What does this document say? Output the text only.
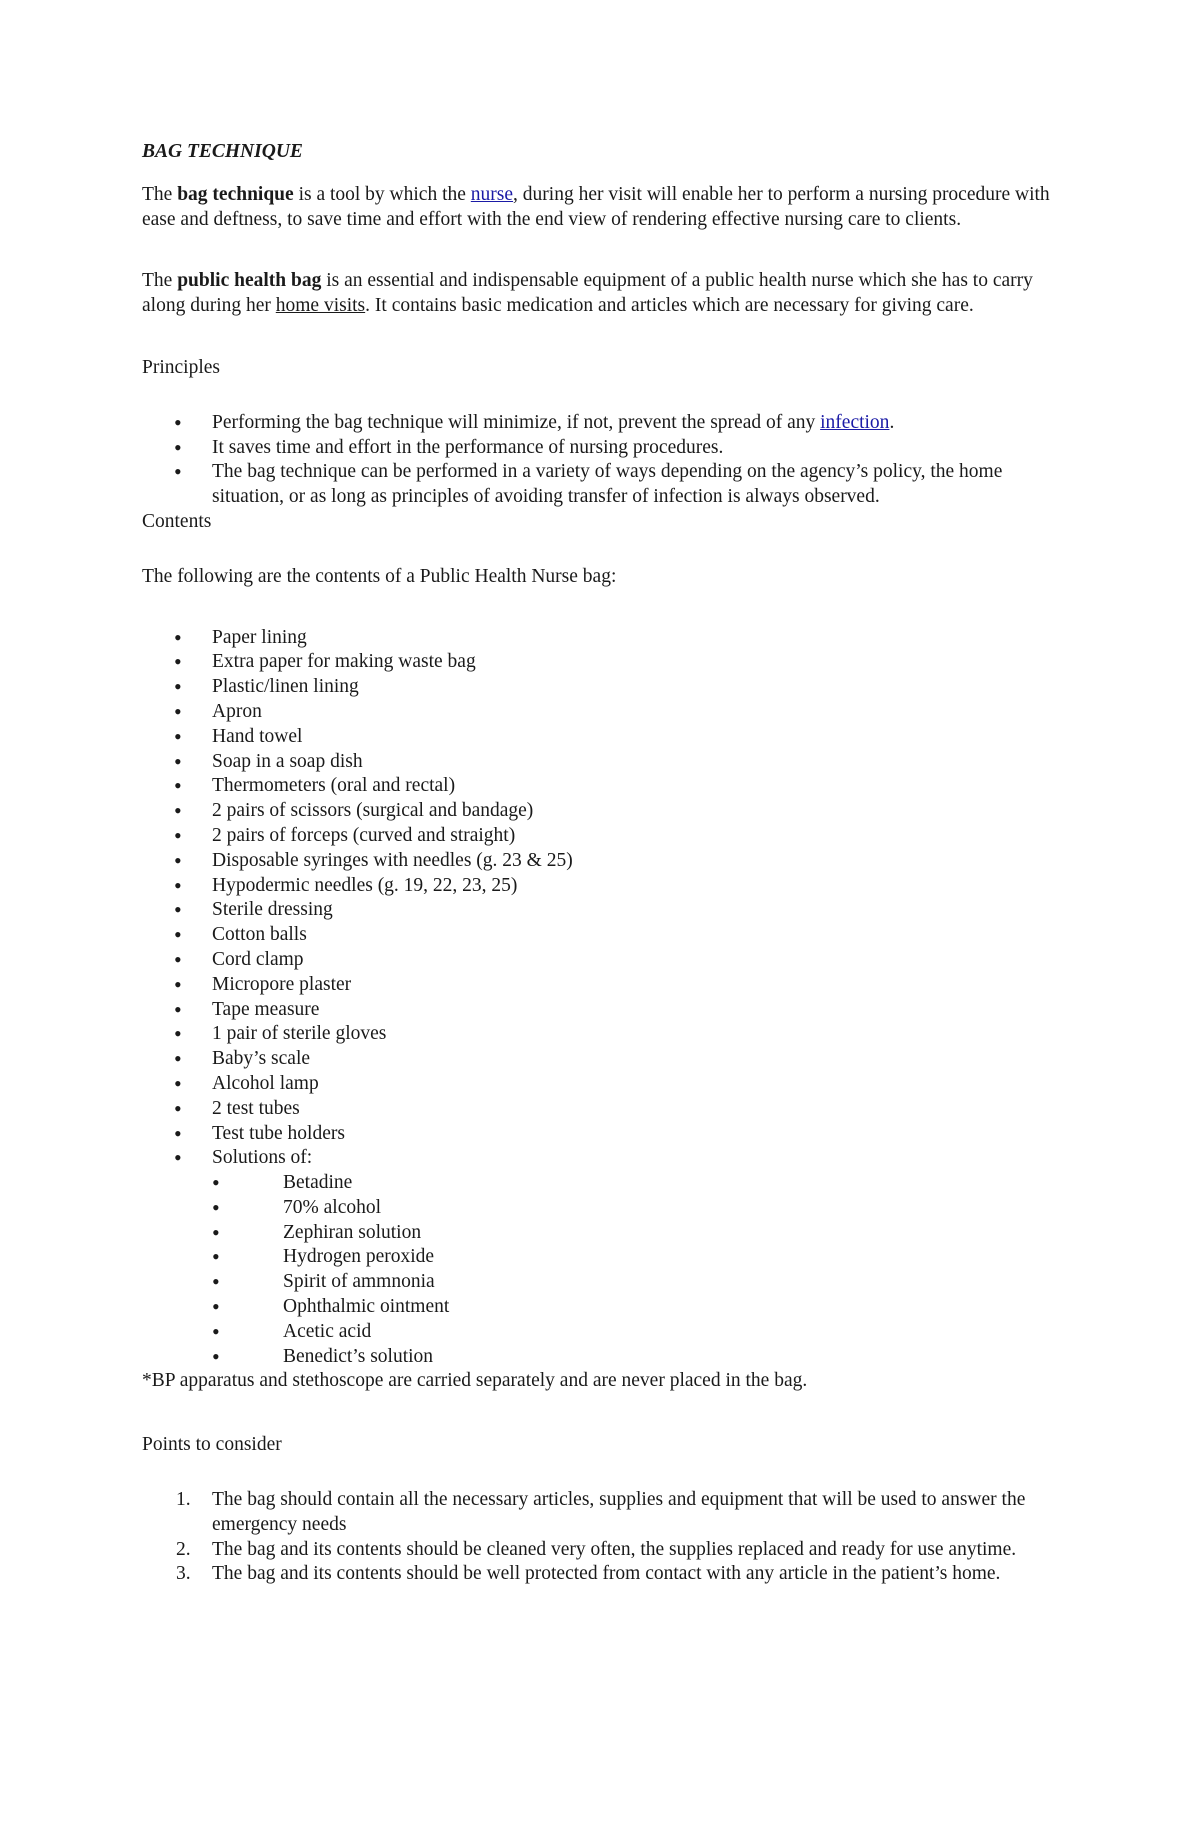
BAG TECHNIQUE

The bag technique is a tool by which the nurse, during her visit will enable her to perform a nursing procedure with ease and deftness, to save time and effort with the end view of rendering effective nursing care to clients.

The public health bag is an essential and indispensable equipment of a public health nurse which she has to carry along during her home visits. It contains basic medication and articles which are necessary for giving care.

Principles

• Performing the bag technique will minimize, if not, prevent the spread of any infection.
• It saves time and effort in the performance of nursing procedures.
• The bag technique can be performed in a variety of ways depending on the agency’s policy, the home situation, or as long as principles of avoiding transfer of infection is always observed.

Contents

The following are the contents of a Public Health Nurse bag:

• Paper lining
• Extra paper for making waste bag
• Plastic/linen lining
• Apron
• Hand towel
• Soap in a soap dish
• Thermometers (oral and rectal)
• 2 pairs of scissors (surgical and bandage)
• 2 pairs of forceps (curved and straight)
• Disposable syringes with needles (g. 23 & 25)
• Hypodermic needles (g. 19, 22, 23, 25)
• Sterile dressing
• Cotton balls
• Cord clamp
• Micropore plaster
• Tape measure
• 1 pair of sterile gloves
• Baby’s scale
• Alcohol lamp
• 2 test tubes
• Test tube holders
• Solutions of:
• Betadine
• 70% alcohol
• Zephiran solution
• Hydrogen peroxide
• Spirit of ammnonia
• Ophthalmic ointment
• Acetic acid
• Benedict’s solution

*BP apparatus and stethoscope are carried separately and are never placed in the bag.

Points to consider

1. The bag should contain all the necessary articles, supplies and equipment that will be used to answer the emergency needs
2. The bag and its contents should be cleaned very often, the supplies replaced and ready for use anytime.
3. The bag and its contents should be well protected from contact with any article in the patient’s home.
